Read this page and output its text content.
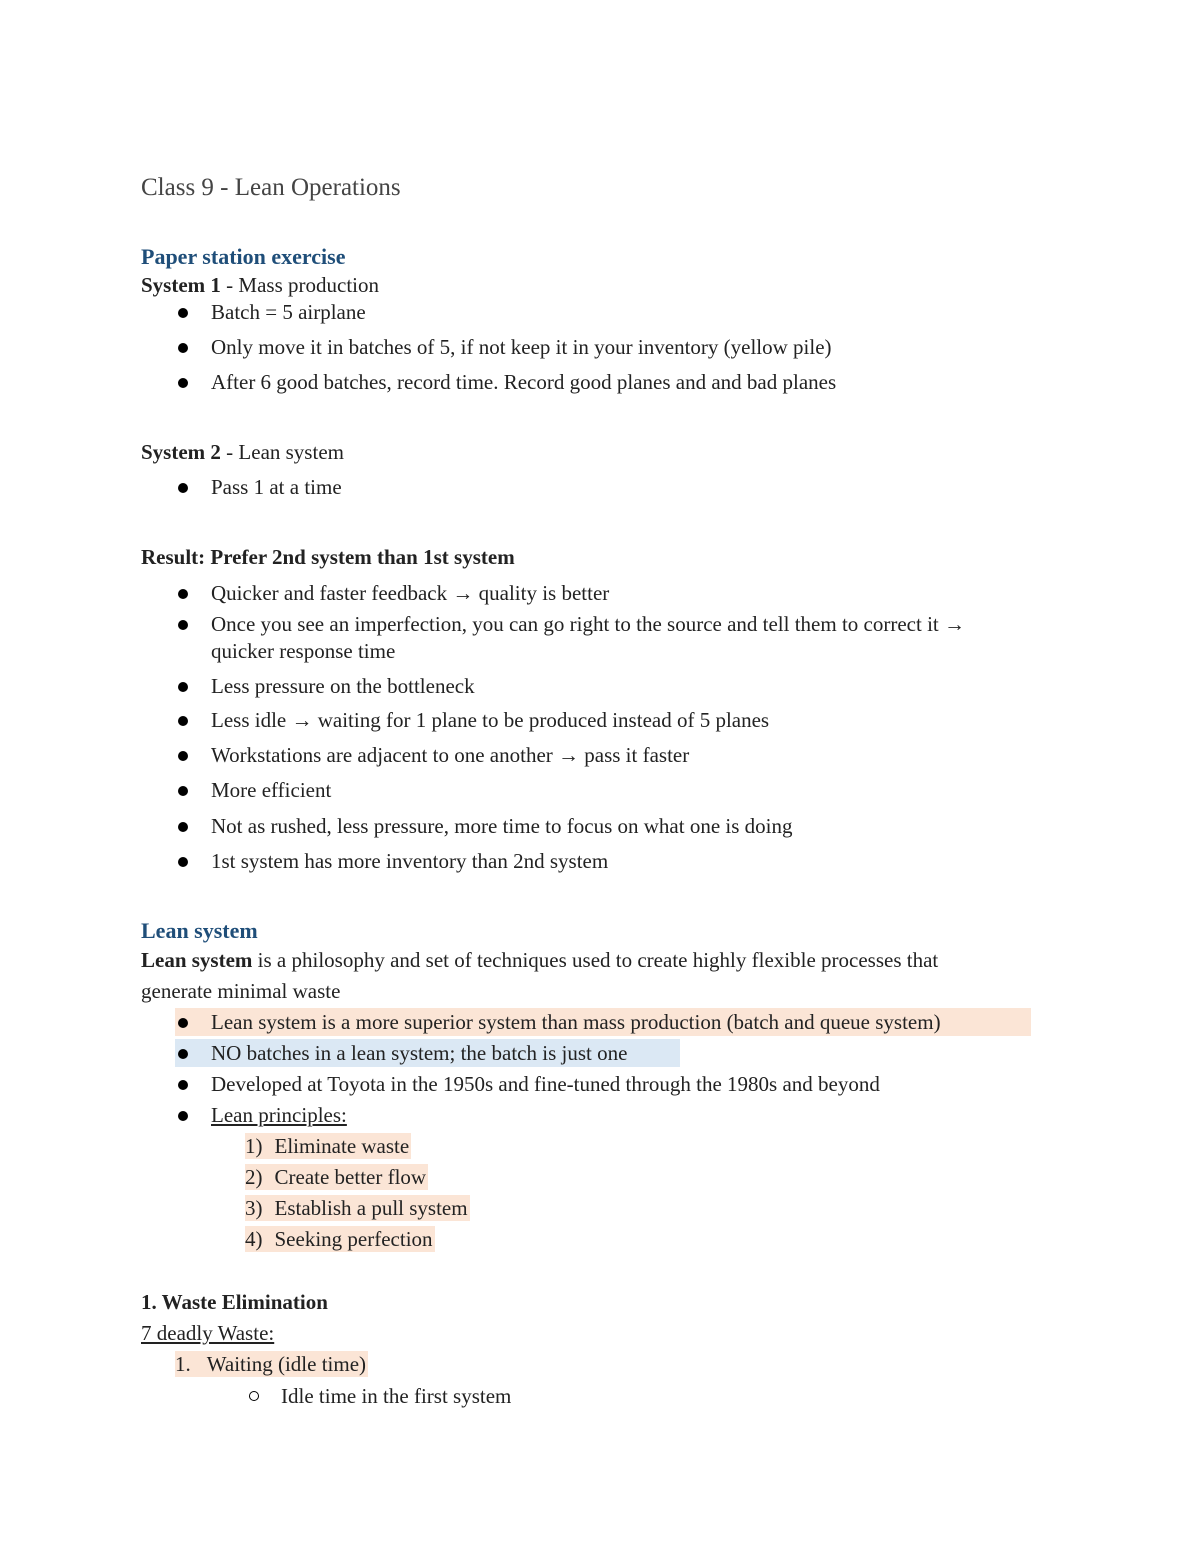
Class 9 - Lean Operations
Paper station exercise
System 1 - Mass production
Batch = 5 airplane
Only move it in batches of 5, if not keep it in your inventory (yellow pile)
After 6 good batches, record time. Record good planes and and bad planes
System 2 - Lean system
Pass 1 at a time
Result: Prefer 2nd system than 1st system
Quicker and faster feedback → quality is better
Once you see an imperfection, you can go right to the source and tell them to correct it →
quicker response time
Less pressure on the bottleneck
Less idle → waiting for 1 plane to be produced instead of 5 planes
Workstations are adjacent to one another → pass it faster
More efficient
Not as rushed, less pressure, more time to focus on what one is doing
1st system has more inventory than 2nd system
Lean system
Lean system is a philosophy and set of techniques used to create highly flexible processes that
generate minimal waste
Lean system is a more superior system than mass production (batch and queue system)
NO batches in a lean system; the batch is just one
Developed at Toyota in the 1950s and fine-tuned through the 1980s and beyond
Lean principles:
1) Eliminate waste
2) Create better flow
3) Establish a pull system
4) Seeking perfection
1. Waste Elimination
7 deadly Waste:
1. Waiting (idle time)
Idle time in the first system
